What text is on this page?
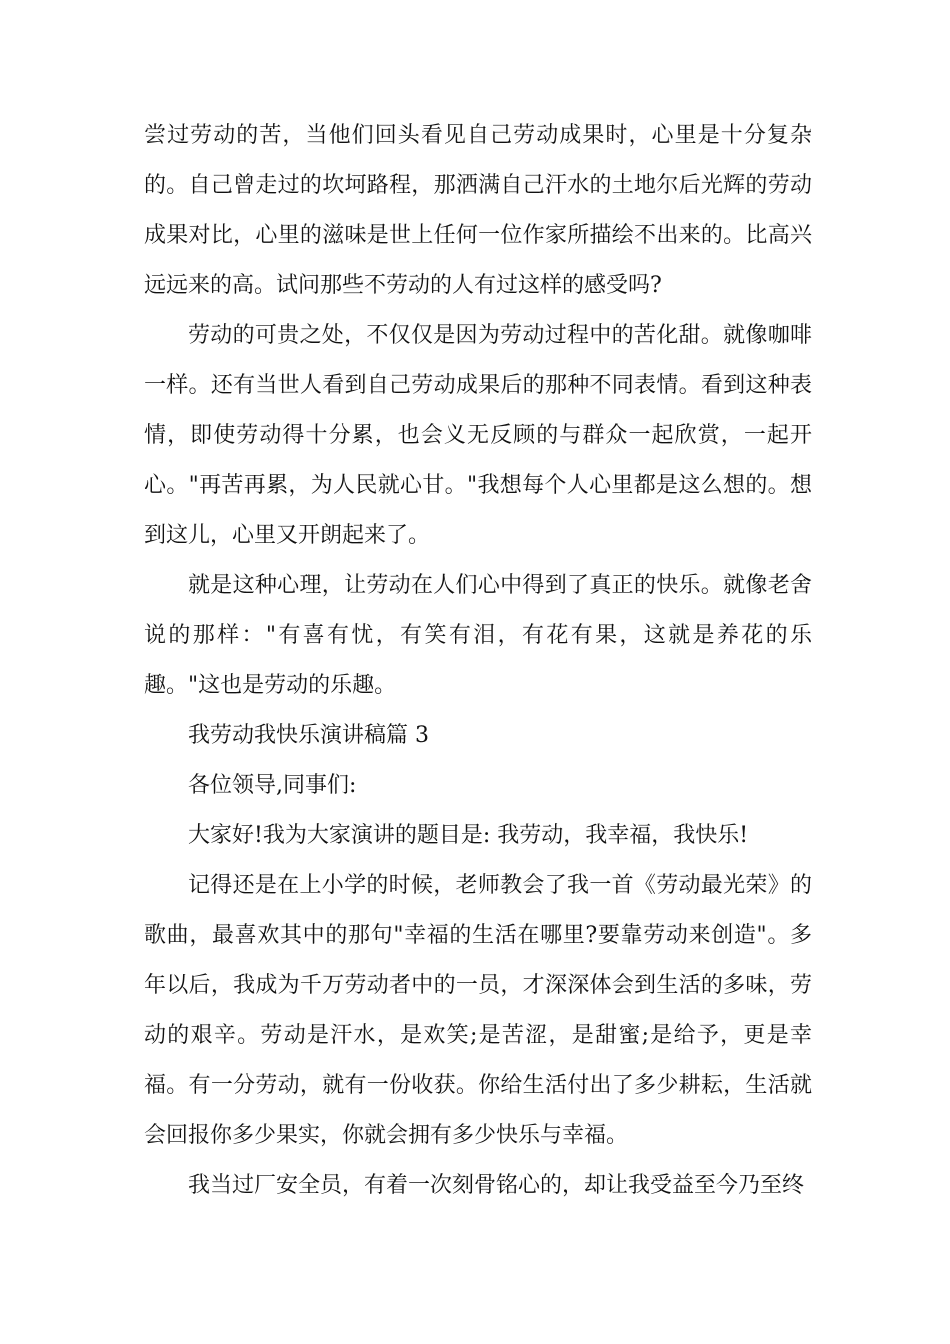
尝过劳动的苦，当他们回头看见自己劳动成果时，心里是十分复杂的。自己曾走过的坎坷路程，那洒满自己汗水的土地尔后光辉的劳动成果对比，心里的滋味是世上任何一位作家所描绘不出来的。比高兴远远来的高。试问那些不劳动的人有过这样的感受吗?

劳动的可贵之处，不仅仅是因为劳动过程中的苦化甜。就像咖啡一样。还有当世人看到自己劳动成果后的那种不同表情。看到这种表情，即使劳动得十分累，也会义无反顾的与群众一起欣赏，一起开心。"再苦再累，为人民就心甘。"我想每个人心里都是这么想的。想到这儿，心里又开朗起来了。

就是这种心理，让劳动在人们心中得到了真正的快乐。就像老舍说的那样："有喜有忧，有笑有泪，有花有果，这就是养花的乐趣。"这也是劳动的乐趣。

我劳动我快乐演讲稿篇 3

各位领导,同事们:

大家好!我为大家演讲的题目是: 我劳动，我幸福，我快乐!

记得还是在上小学的时候，老师教会了我一首《劳动最光荣》的歌曲，最喜欢其中的那句"幸福的生活在哪里?要靠劳动来创造"。多年以后，我成为千万劳动者中的一员，才深深体会到生活的多味，劳动的艰辛。劳动是汗水，是欢笑;是苦涩，是甜蜜;是给予，更是幸福。有一分劳动，就有一份收获。你给生活付出了多少耕耘，生活就会回报你多少果实，你就会拥有多少快乐与幸福。

我当过厂安全员，有着一次刻骨铭心的，却让我受益至今乃至终
